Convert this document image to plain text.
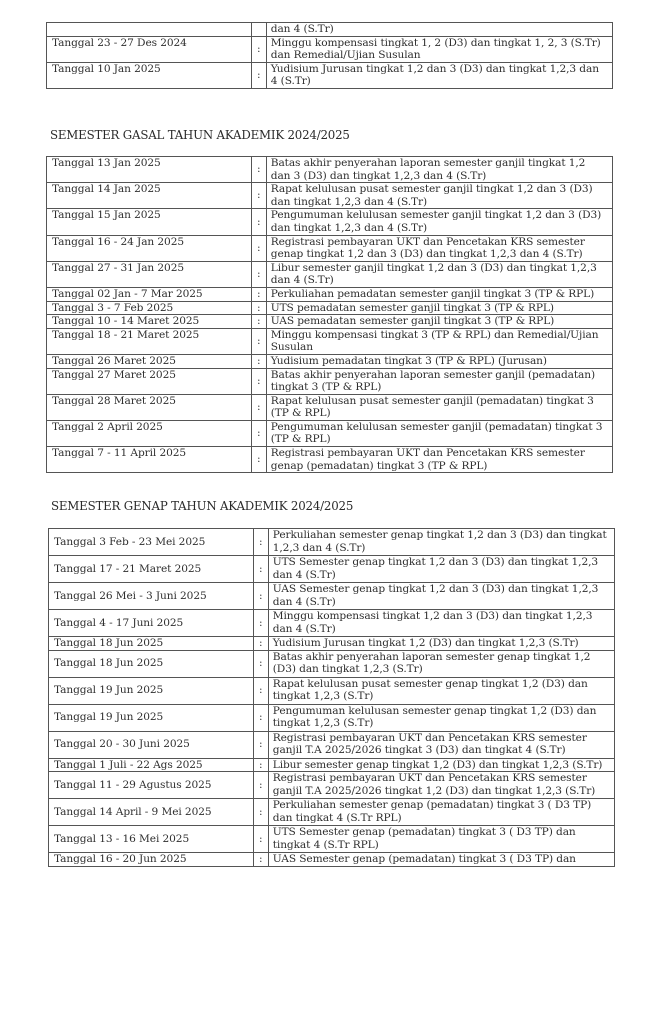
		dan 4 (S.Tr)
Tanggal 23 - 27 Des 2024	:	Minggu kompensasi tingkat 1, 2 (D3) dan tingkat 1, 2, 3 (S.Tr) dan Remedial/Ujian Susulan
Tanggal 10 Jan 2025	:	Yudisium Jurusan tingkat 1,2 dan 3 (D3) dan tingkat 1,2,3 dan 4 (S.Tr)
SEMESTER GASAL TAHUN AKADEMIK 2024/2025
Tanggal 13 Jan 2025	:	Batas akhir penyerahan laporan semester ganjil tingkat 1,2 dan 3 (D3) dan tingkat 1,2,3 dan 4 (S.Tr)
Tanggal 14 Jan 2025	:	Rapat kelulusan pusat semester ganjil tingkat 1,2 dan 3 (D3) dan tingkat 1,2,3 dan 4 (S.Tr)
Tanggal 15 Jan 2025	:	Pengumuman kelulusan semester ganjil tingkat 1,2 dan 3 (D3) dan tingkat 1,2,3 dan 4 (S.Tr)
Tanggal 16 - 24 Jan 2025	:	Registrasi pembayaran UKT dan Pencetakan KRS semester genap tingkat 1,2 dan 3 (D3) dan tingkat 1,2,3 dan 4 (S.Tr)
Tanggal 27 - 31 Jan 2025	:	Libur semester ganjil tingkat 1,2 dan 3 (D3) dan tingkat 1,2,3 dan 4 (S.Tr)
Tanggal 02 Jan - 7 Mar 2025	:	Perkuliahan pemadatan semester ganjil tingkat 3 (TP & RPL)
Tanggal 3 - 7 Feb 2025	:	UTS pemadatan semester ganjil tingkat 3 (TP & RPL)
Tanggal 10 - 14 Maret 2025	:	UAS pemadatan semester ganjil tingkat 3 (TP & RPL)
Tanggal 18 - 21 Maret 2025	:	Minggu kompensasi tingkat 3 (TP & RPL) dan Remedial/Ujian Susulan
Tanggal 26 Maret 2025	:	Yudisium pemadatan tingkat 3 (TP & RPL) (Jurusan)
Tanggal 27 Maret 2025	:	Batas akhir penyerahan laporan semester ganjil (pemadatan) tingkat 3 (TP & RPL)
Tanggal 28 Maret 2025	:	Rapat kelulusan pusat semester ganjil (pemadatan) tingkat 3 (TP & RPL)
Tanggal 2 April 2025	:	Pengumuman kelulusan semester ganjil (pemadatan) tingkat 3 (TP & RPL)
Tanggal 7 - 11 April 2025	:	Registrasi pembayaran UKT dan Pencetakan KRS semester genap (pemadatan) tingkat 3 (TP & RPL)
SEMESTER GENAP TAHUN AKADEMIK 2024/2025
Tanggal 3 Feb - 23 Mei 2025	:	Perkuliahan semester genap tingkat 1,2 dan 3 (D3) dan tingkat 1,2,3 dan 4 (S.Tr)
Tanggal 17 - 21 Maret 2025	:	UTS Semester genap tingkat 1,2 dan 3 (D3) dan tingkat 1,2,3 dan 4 (S.Tr)
Tanggal 26 Mei - 3 Juni 2025	:	UAS Semester genap tingkat 1,2 dan 3 (D3) dan tingkat 1,2,3 dan 4 (S.Tr)
Tanggal 4 - 17 Juni 2025	:	Minggu kompensasi tingkat 1,2 dan 3 (D3) dan tingkat 1,2,3 dan 4 (S.Tr)
Tanggal 18 Jun 2025	:	Yudisium Jurusan tingkat 1,2 (D3) dan tingkat 1,2,3 (S.Tr)
Tanggal 18 Jun 2025	:	Batas akhir penyerahan laporan semester genap tingkat 1,2 (D3) dan tingkat 1,2,3 (S.Tr)
Tanggal 19 Jun 2025	:	Rapat kelulusan pusat semester genap tingkat 1,2 (D3) dan tingkat 1,2,3 (S.Tr)
Tanggal 19 Jun 2025	:	Pengumuman kelulusan semester genap tingkat 1,2 (D3) dan tingkat 1,2,3 (S.Tr)
Tanggal 20 - 30 Juni 2025	:	Registrasi pembayaran UKT dan Pencetakan KRS semester ganjil T.A 2025/2026 tingkat 3 (D3) dan tingkat 4 (S.Tr)
Tanggal 1 Juli - 22 Ags 2025	:	Libur semester genap tingkat 1,2 (D3) dan tingkat 1,2,3 (S.Tr)
Tanggal 11 - 29 Agustus 2025	:	Registrasi pembayaran UKT dan Pencetakan KRS semester ganjil T.A 2025/2026 tingkat 1,2 (D3) dan tingkat 1,2,3 (S.Tr)
Tanggal 14 April - 9 Mei 2025	:	Perkuliahan semester genap (pemadatan) tingkat 3 ( D3 TP) dan tingkat 4 (S.Tr RPL)
Tanggal 13 - 16 Mei 2025	:	UTS Semester genap (pemadatan) tingkat 3 ( D3 TP) dan tingkat 4 (S.Tr RPL)
Tanggal 16 - 20 Jun 2025	:	UAS Semester genap (pemadatan) tingkat 3 ( D3 TP) dan
